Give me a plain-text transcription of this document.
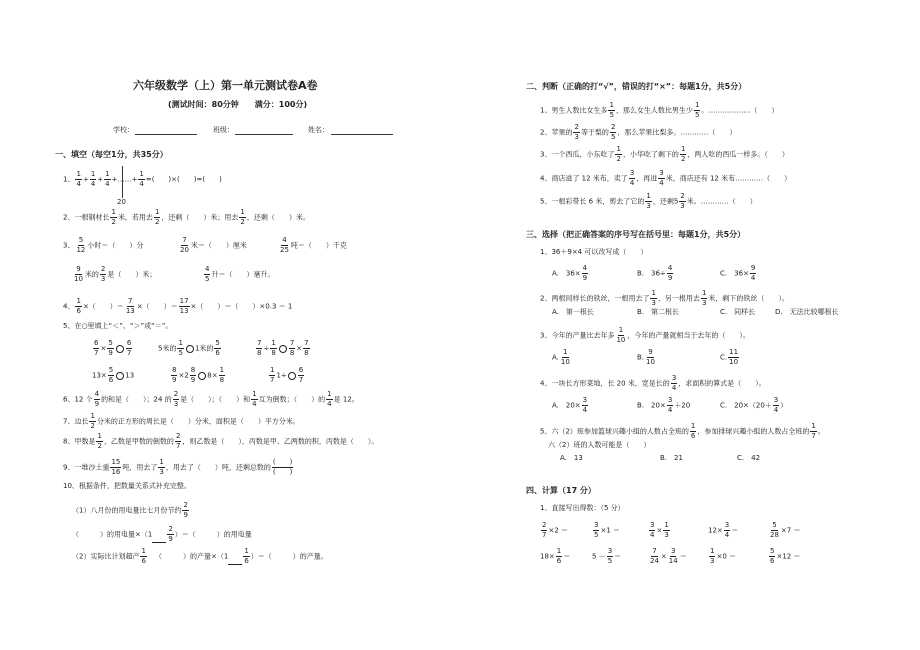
六年级数学（上）第一单元测试卷A卷
(测试时间：80分钟　　满分：100分)
学校：	班级：	姓名：
一、填空（每空1分，共35分）
1、 $\frac{1}{4} + \frac{1}{4} + \frac{1}{4}$ +……+ $\frac{1}{4}$ =(　　)×(　　)=(　　)
20
2、一根钢材长 $\frac{1}{2}$ 米，若用去 $\frac{1}{2}$ ，还剩（　　）米；用去 $\frac{1}{2}$ ，还剩（　　）米。
3、 $\frac{5}{12}$ 小时＝（　　）分	$\frac{7}{20}$ 米＝（　　）厘米	$\frac{4}{25}$ 吨＝（　　）千克
$\frac{9}{10}$ 米的 $\frac{2}{3}$ 是（　　）米；	$\frac{4}{5}$ 升＝（　　）毫升。
4、 $\frac{1}{6}$ ×（　　）＝ $\frac{7}{13}$ ×（　　）＝ $\frac{17}{13}$ ×（　　）＝（　　）×0.3 ＝ 1
5、在○里填上“＜”、“＞”或“＝”。
$\frac{6}{7} \times \frac{5}{9} \frac{6}{7}$	5米的 $\frac{1}{5} 1$米的 $\frac{5}{6}$	$\frac{7}{8} \div \frac{1}{8} \frac{7}{8} \times \frac{7}{8}$
$13\times \frac{5}{6} 13$	$\frac{8}{9} \times 2 \frac{8}{9} 8\times \frac{1}{8}$	$\frac{1}{7} 1\div \frac{6}{7}$
6、12 个 $\frac{4}{9}$ 的和是（　　）；24 的 $\frac{2}{3}$ 是（　　）；（　　）和 $\frac{1}{4}$ 互为倒数；（　　）的 $\frac{1}{4}$ 是 12。
7、边长 $\frac{1}{2}$ 分米的正方形的周长是（　　）分米，面积是（　　）平方分米。
8、甲数是 $\frac{1}{2}$ ，乙数是甲数的倒数的 $\frac{2}{7}$ ，则乙数是（　　），丙数是甲、乙两数的积，丙数是（　　）。
9、一堆沙土重 $\frac{15}{16}$ 吨，用去了 $\frac{1}{3}$ ，用去了（　　）吨，还剩总数的 $\frac{( )}{( )}$
10、根据条件，把数量关系式补充完整。
（1）八月份的用电量比七月份节约 $\frac{2}{9}$
（　　　）的用电量$\times(1 \frac{2}{9}$ ）＝（　　　）的用电量
（2）实际比计划超产 $\frac{1}{6}$ （　　　）的产量$\times(1 \frac{1}{6}$ ）＝（　　　）的产量。
二、判断（正确的打“√”，错误的打“×”：每题1分，共5分）
1、男生人数比女生多 $\frac{1}{5}$ ，那么女生人数比男生少 $\frac{1}{5}$ 。………………（　　）
2、苹果的 $\frac{2}{3}$ 等于梨的 $\frac{2}{5}$ ，那么苹果比梨多。…………（　　）
3、一个西瓜，小东吃了 $\frac{1}{2}$ ，小华吃了剩下的 $\frac{1}{2}$ ，两人吃的西瓜一样多。（　　）
4、商店进了 12 米布，卖了 $\frac{3}{4}$ ，再进 $\frac{3}{4}$ 米，商店还有 12 米布…………（　　）
5、一根彩带长 6 米，剪去了它的 $\frac{1}{3}$ ，还剩$5 \frac{2}{3}$ 米。…………（　　）
三、选择（把正确答案的序号写在括号里：每题1分，共5分）
1、36＋9×4 可以改写成（　　）
A.　$36\times \frac{4}{9}$	B.　$36\div \frac{4}{9}$	C.　$36\times \frac{9}{4}$
2、两根同样长的铁丝，一根用去了 $\frac{1}{3}$ ，另一根用去 $\frac{1}{3}$ 米，剩下的铁丝（　　）。
A.　第一根长	B.　第二根长	C.　同样长	D.　无法比较哪根长
3、今年的产量比去年多 $\frac{1}{10}$ ，今年的产量就相当于去年的（　　）。
A. $\frac{1}{10}$	B. $\frac{9}{10}$	C. $\frac{11}{10}$
4、一块长方形菜地，长 20 米，宽是长的 $\frac{3}{4}$ ，求面积的算式是（　　）。
A.　$20\times \frac{3}{4}$	B.　$20\times \frac{3}{4} +20$	C.　$20\times(20+ \frac{3}{4}$ ）
5、六（2）班参加篮球兴趣小组的人数占全班的 $\frac{1}{6}$ ，参加排球兴趣小组的人数占全班的 $\frac{1}{7}$ 。
六（2）班的人数可能是（　　）
A.　13	B.　21	C.　42
四、计算（17 分）
1、直接写出得数：（5 分）
$\frac{2}{7} \times 2$ ＝	$\frac{3}{5} \times 1$ ＝	$\frac{3}{4} \times \frac{1}{3}$	$12\times \frac{3}{4}$ ＝	$\frac{5}{28} \times 7$ ＝
$18\times \frac{1}{6}$ ＝	$5 - \frac{3}{5}$ ＝	$\frac{7}{24} \times \frac{3}{14}$ ＝	$\frac{1}{3} \times 0$ ＝	$\frac{5}{6} \times 12$ ＝
